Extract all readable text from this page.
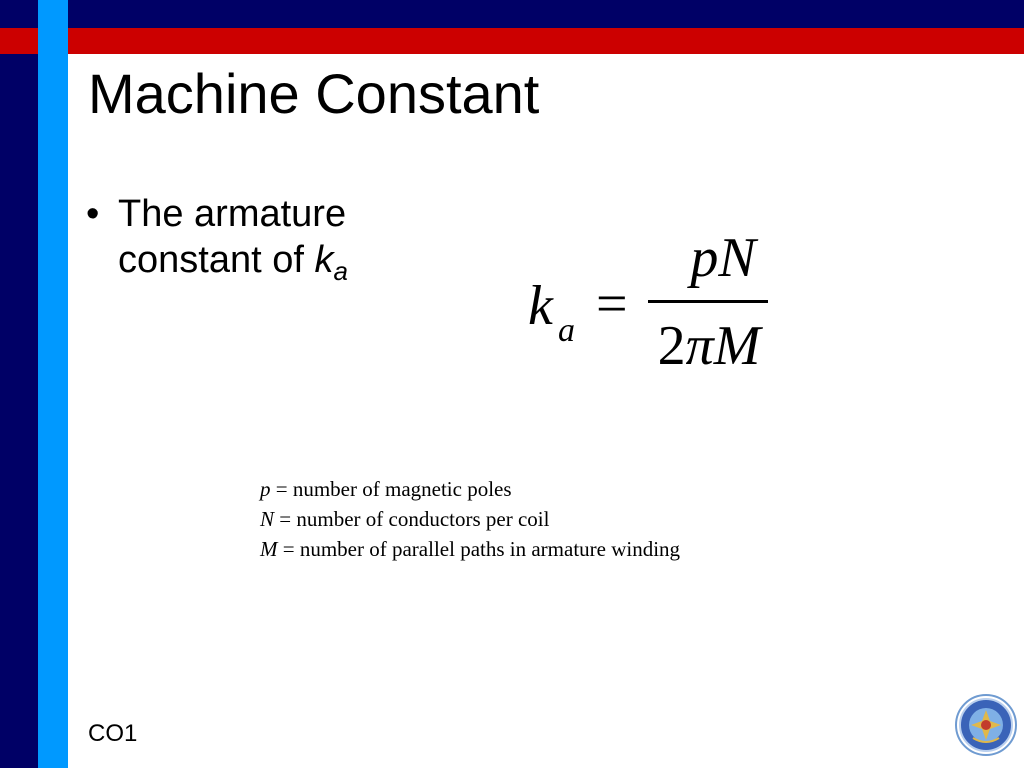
Machine Constant
• The armature
constant of $k_a$
k a =
pN
2πM
p = number of magnetic poles
N = number of conductors per coil
M = number of parallel paths in armature winding
CO1
